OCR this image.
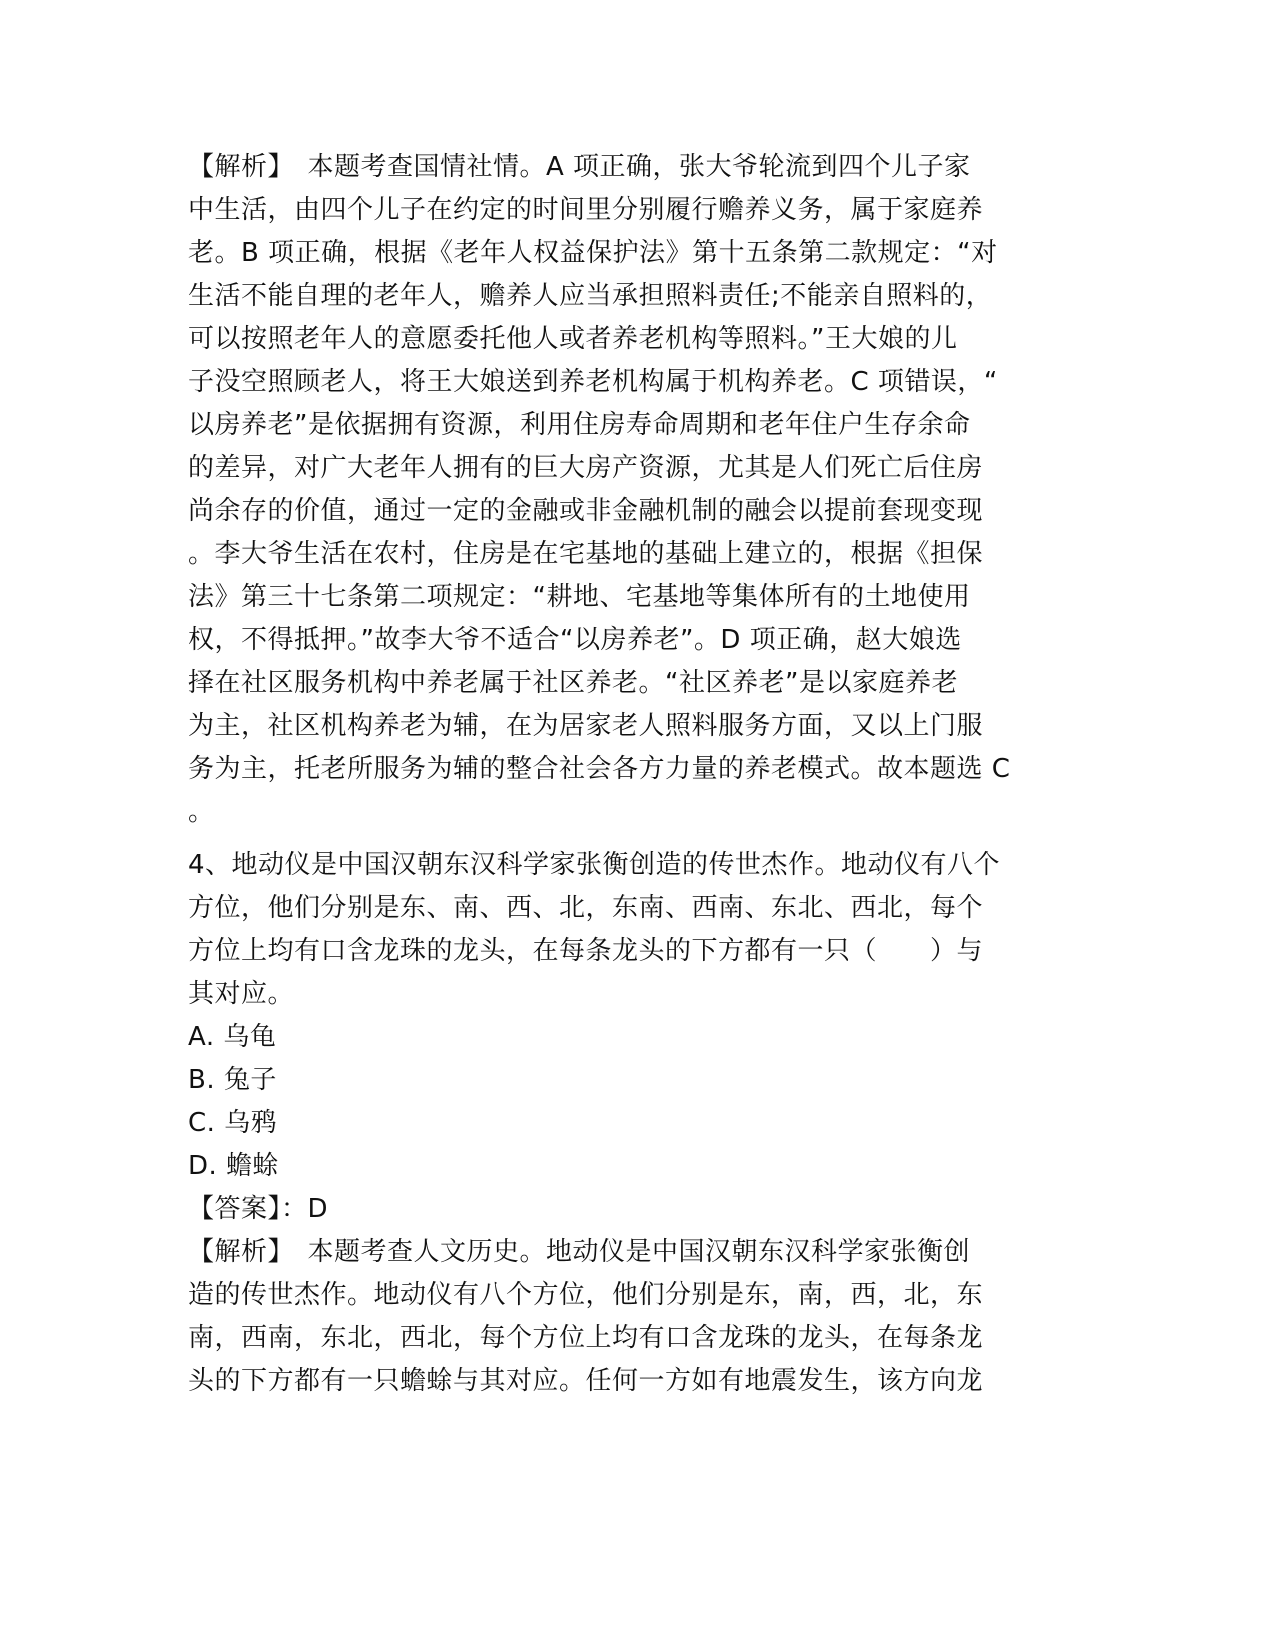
【解析】　本题考查国情社情。A 项正确，张大爷轮流到四个儿子家
中生活，由四个儿子在约定的时间里分别履行赡养义务，属于家庭养
老。B 项正确，根据《老年人权益保护法》第十五条第二款规定：“对
生活不能自理的老年人，赡养人应当承担照料责任;不能亲自照料的，
可以按照老年人的意愿委托他人或者养老机构等照料。”王大娘的儿
子没空照顾老人，将王大娘送到养老机构属于机构养老。C 项错误，“
以房养老”是依据拥有资源，利用住房寿命周期和老年住户生存余命
的差异，对广大老年人拥有的巨大房产资源，尤其是人们死亡后住房
尚余存的价值，通过一定的金融或非金融机制的融会以提前套现变现
。李大爷生活在农村，住房是在宅基地的基础上建立的，根据《担保
法》第三十七条第二项规定：“耕地、宅基地等集体所有的土地使用
权，不得抵押。”故李大爷不适合“以房养老”。D 项正确，赵大娘选
择在社区服务机构中养老属于社区养老。“社区养老”是以家庭养老
为主，社区机构养老为辅，在为居家老人照料服务方面，又以上门服
务为主，托老所服务为辅的整合社会各方力量的养老模式。故本题选 C
。
4、地动仪是中国汉朝东汉科学家张衡创造的传世杰作。地动仪有八个
方位，他们分别是东、南、西、北，东南、西南、东北、西北，每个
方位上均有口含龙珠的龙头，在每条龙头的下方都有一只（　　）与
其对应。
A. 乌龟
B. 兔子
C. 乌鸦
D. 蟾蜍
【答案】：D
【解析】　本题考查人文历史。地动仪是中国汉朝东汉科学家张衡创
造的传世杰作。地动仪有八个方位，他们分别是东，南，西，北，东
南，西南，东北，西北，每个方位上均有口含龙珠的龙头，在每条龙
头的下方都有一只蟾蜍与其对应。任何一方如有地震发生，该方向龙
